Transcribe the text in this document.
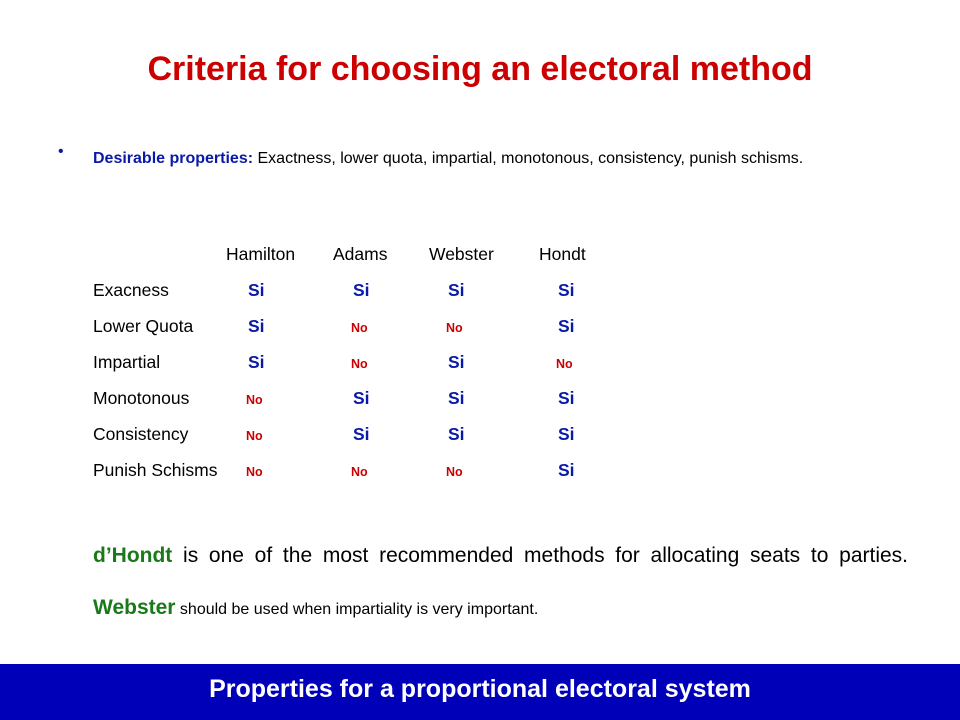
Criteria for choosing an electoral method
• Desirable properties: Exactness, lower quota, impartial, monotonous, consistency, punish schisms.
Hamilton Adams Webster	Hondt
Exacness	Si	Si	Si	Si
Lower Quota	Si	No	No	Si
Impartial	Si	No	Si	No
Monotonous	No	Si	Si	Si
Consistency	No	Si	Si	Si
Punish Schisms No	No	No	Si
d’Hondt is one of the most recommended methods for allocating seats to parties. Webster should be used when impartiality is very important.
Properties for a proportional electoral system
